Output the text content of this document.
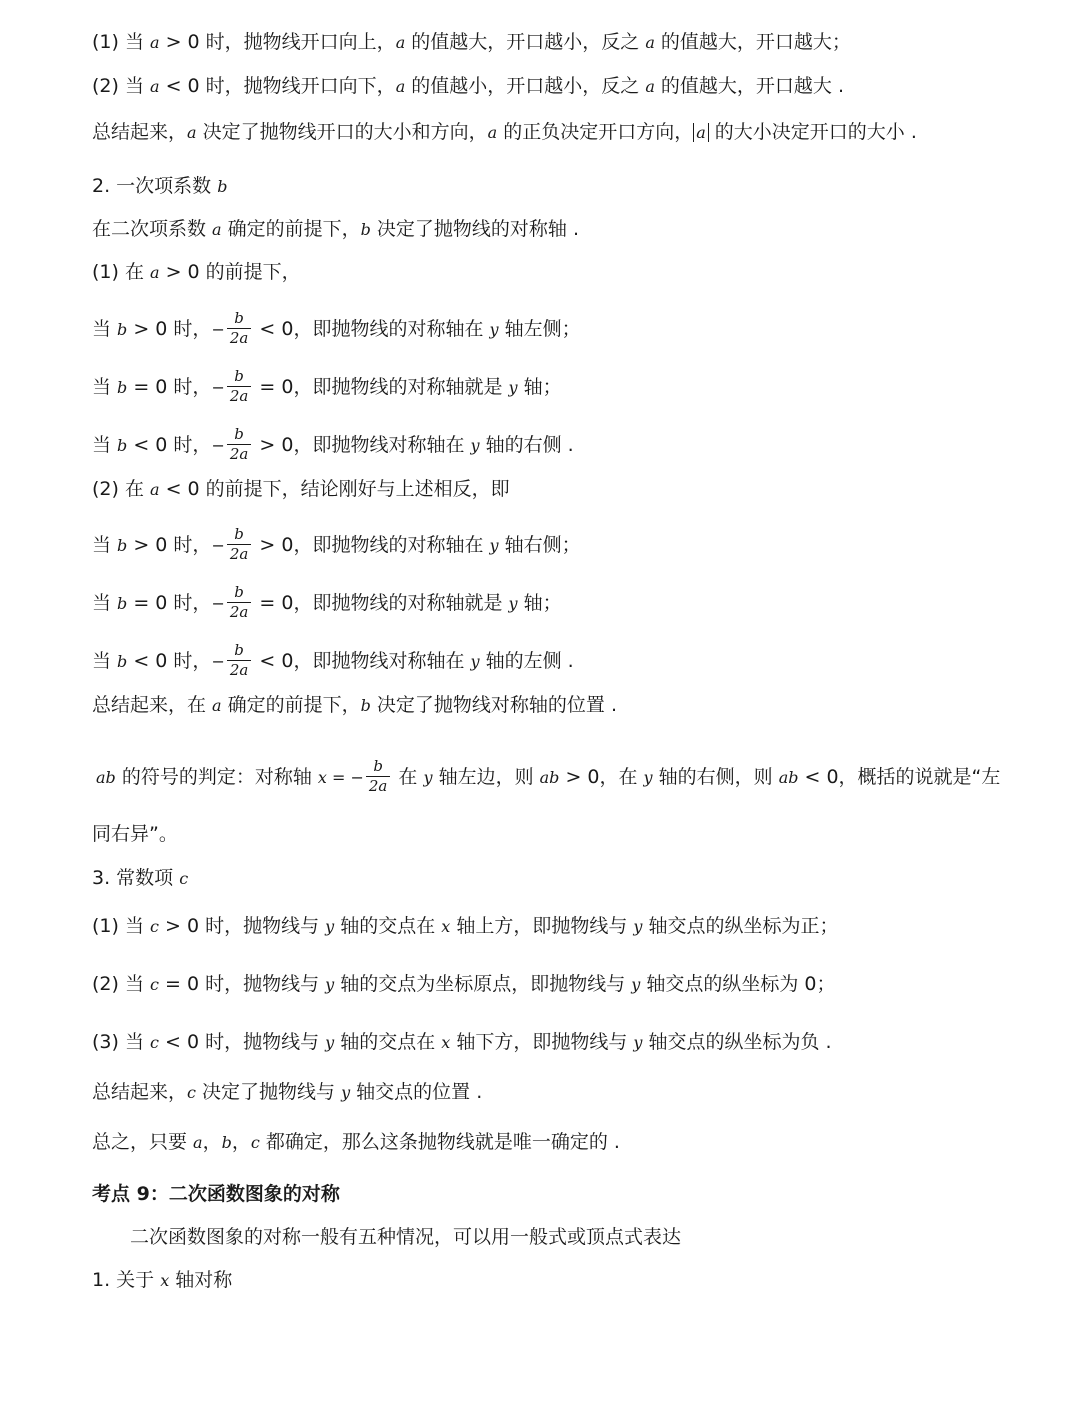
(1) 当 a > 0 时，抛物线开口向上，a 的值越大，开口越小，反之 a 的值越大，开口越大；
(2) 当 a < 0 时，抛物线开口向下，a 的值越小，开口越小，反之 a 的值越大，开口越大 .
总结起来，a 决定了抛物线开口的大小和方向，a 的正负决定开口方向， a 的大小决定开口的大小 .
2. 一次项系数 b
在二次项系数 a 确定的前提下，b 决定了抛物线的对称轴 .
(1) 在 a > 0 的前提下，
当 b > 0 时，− $\frac{b}{2a} < 0$，即抛物线的对称轴在 y 轴左侧；
当 b = 0 时，− $\frac{b}{2a} = 0$，即抛物线的对称轴就是 y 轴；
当 b < 0 时，− $\frac{b}{2a} > 0$，即抛物线对称轴在 y 轴的右侧 .
(2) 在 a < 0 的前提下，结论刚好与上述相反，即
当 b > 0 时，− $\frac{b}{2a} > 0$，即抛物线的对称轴在 y 轴右侧；
当 b = 0 时，− $\frac{b}{2a} = 0$，即抛物线的对称轴就是 y 轴；
当 b < 0 时，− $\frac{b}{2a} < 0$，即抛物线对称轴在 y 轴的左侧 .
总结起来，在 a 确定的前提下，b 决定了抛物线对称轴的位置 .
ab 的符号的判定：对称轴 x = − $\frac{b}{2a}$ 在 y 轴左边，则 ab > 0，在 y 轴的右侧，则 ab < 0，概括的说就是“左
同右异”。
3. 常数项 c
(1) 当 c > 0 时，抛物线与 y 轴的交点在 x 轴上方，即抛物线与 y 轴交点的纵坐标为正；
(2) 当 c = 0 时，抛物线与 y 轴的交点为坐标原点，即抛物线与 y 轴交点的纵坐标为 0；
(3) 当 c < 0 时，抛物线与 y 轴的交点在 x 轴下方，即抛物线与 y 轴交点的纵坐标为负 .
总结起来，c 决定了抛物线与 y 轴交点的位置 .
总之，只要 a，b，c 都确定，那么这条抛物线就是唯一确定的 .
考点 9：二次函数图象的对称
二次函数图象的对称一般有五种情况，可以用一般式或顶点式表达
1. 关于 x 轴对称
